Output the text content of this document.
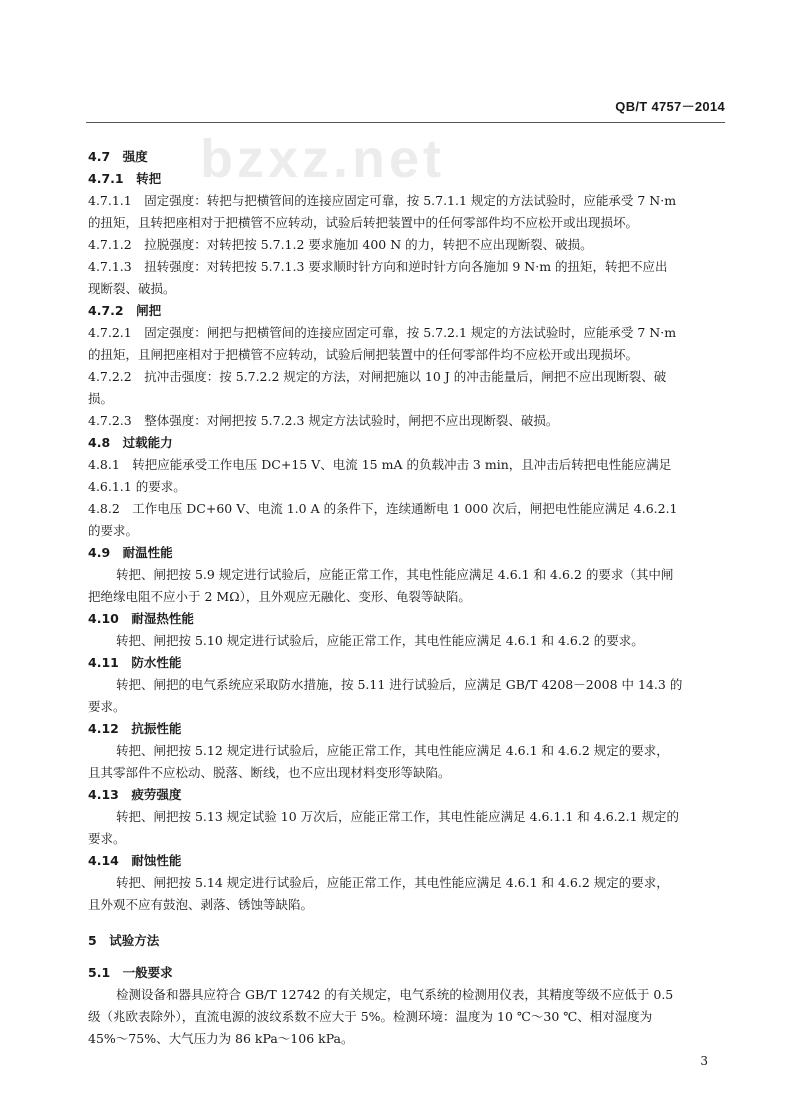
QB/T 4757－2014
bzxz.net
4.7　强度
4.7.1　转把
4.7.1.1　固定强度：转把与把横管间的连接应固定可靠，按 5.7.1.1 规定的方法试验时，应能承受 7 N·m
的扭矩，且转把座相对于把横管不应转动，试验后转把装置中的任何零部件均不应松开或出现损坏。
4.7.1.2　拉脱强度：对转把按 5.7.1.2 要求施加 400 N 的力，转把不应出现断裂、破损。
4.7.1.3　扭转强度：对转把按 5.7.1.3 要求顺时针方向和逆时针方向各施加 9 N·m 的扭矩，转把不应出
现断裂、破损。
4.7.2　闸把
4.7.2.1　固定强度：闸把与把横管间的连接应固定可靠，按 5.7.2.1 规定的方法试验时，应能承受 7 N·m
的扭矩，且闸把座相对于把横管不应转动，试验后闸把装置中的任何零部件均不应松开或出现损坏。
4.7.2.2　抗冲击强度：按 5.7.2.2 规定的方法，对闸把施以 10 J 的冲击能量后，闸把不应出现断裂、破
损。
4.7.2.3　整体强度：对闸把按 5.7.2.3 规定方法试验时，闸把不应出现断裂、破损。
4.8　过载能力
4.8.1　转把应能承受工作电压 DC+15 V、电流 15 mA 的负载冲击 3 min，且冲击后转把电性能应满足
4.6.1.1 的要求。
4.8.2　工作电压 DC+60 V、电流 1.0 A 的条件下，连续通断电 1 000 次后，闸把电性能应满足 4.6.2.1
的要求。
4.9　耐温性能
转把、闸把按 5.9 规定进行试验后，应能正常工作，其电性能应满足 4.6.1 和 4.6.2 的要求（其中闸
把绝缘电阻不应小于 2 MΩ），且外观应无融化、变形、龟裂等缺陷。
4.10　耐湿热性能
转把、闸把按 5.10 规定进行试验后，应能正常工作，其电性能应满足 4.6.1 和 4.6.2 的要求。
4.11　防水性能
转把、闸把的电气系统应采取防水措施，按 5.11 进行试验后，应满足 GB/T 4208－2008 中 14.3 的
要求。
4.12　抗振性能
转把、闸把按 5.12 规定进行试验后，应能正常工作，其电性能应满足 4.6.1 和 4.6.2 规定的要求，
且其零部件不应松动、脱落、断线，也不应出现材料变形等缺陷。
4.13　疲劳强度
转把、闸把按 5.13 规定试验 10 万次后，应能正常工作，其电性能应满足 4.6.1.1 和 4.6.2.1 规定的
要求。
4.14　耐蚀性能
转把、闸把按 5.14 规定进行试验后，应能正常工作，其电性能应满足 4.6.1 和 4.6.2 规定的要求，
且外观不应有鼓泡、剥落、锈蚀等缺陷。
5　试验方法
5.1　一般要求
检测设备和器具应符合 GB/T 12742 的有关规定，电气系统的检测用仪表，其精度等级不应低于 0.5
级（兆欧表除外），直流电源的波纹系数不应大于 5%。检测环境：温度为 10 ℃～30 ℃、相对湿度为
45%～75%、大气压力为 86 kPa～106 kPa。
3
